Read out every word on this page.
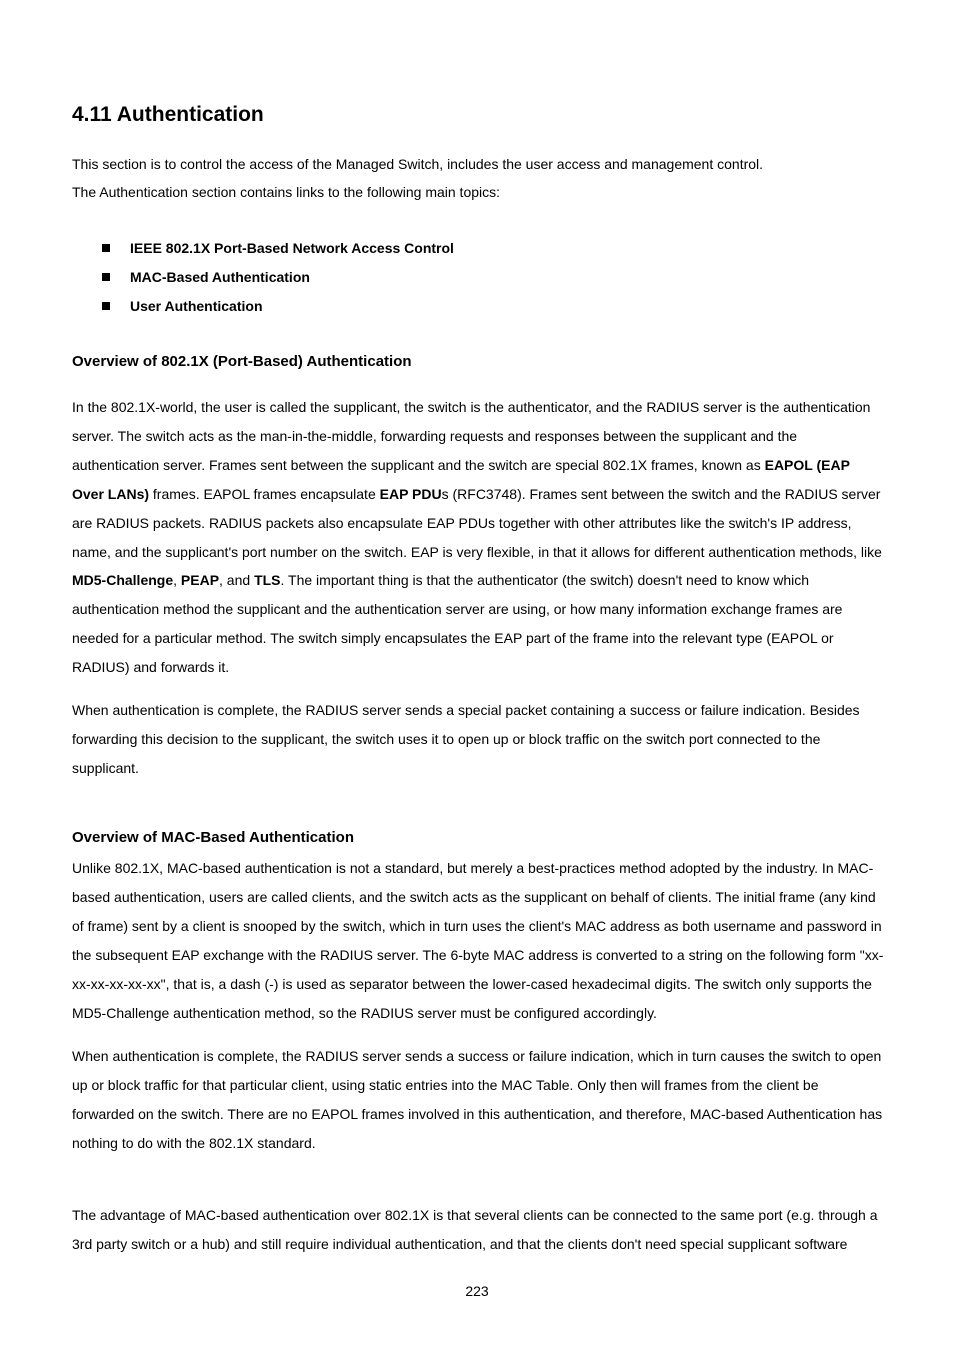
4.11 Authentication

This section is to control the access of the Managed Switch, includes the user access and management control.

The Authentication section contains links to the following main topics:

IEEE 802.1X Port-Based Network Access Control
MAC-Based Authentication
User Authentication
Overview of 802.1X (Port-Based) Authentication

In the 802.1X-world, the user is called the supplicant, the switch is the authenticator, and the RADIUS server is the authentication server. The switch acts as the man-in-the-middle, forwarding requests and responses between the supplicant and the authentication server. Frames sent between the supplicant and the switch are special 802.1X frames, known as EAPOL (EAP Over LANs) frames. EAPOL frames encapsulate EAP PDUs (RFC3748). Frames sent between the switch and the RADIUS server are RADIUS packets. RADIUS packets also encapsulate EAP PDUs together with other attributes like the switch's IP address, name, and the supplicant's port number on the switch. EAP is very flexible, in that it allows for different authentication methods, like MD5-Challenge, PEAP, and TLS. The important thing is that the authenticator (the switch) doesn't need to know which authentication method the supplicant and the authentication server are using, or how many information exchange frames are needed for a particular method. The switch simply encapsulates the EAP part of the frame into the relevant type (EAPOL or RADIUS) and forwards it.

When authentication is complete, the RADIUS server sends a special packet containing a success or failure indication. Besides forwarding this decision to the supplicant, the switch uses it to open up or block traffic on the switch port connected to the supplicant.

Overview of MAC-Based Authentication

Unlike 802.1X, MAC-based authentication is not a standard, but merely a best-practices method adopted by the industry. In MAC-based authentication, users are called clients, and the switch acts as the supplicant on behalf of clients. The initial frame (any kind of frame) sent by a client is snooped by the switch, which in turn uses the client's MAC address as both username and password in the subsequent EAP exchange with the RADIUS server. The 6-byte MAC address is converted to a string on the following form "xx-xx-xx-xx-xx-xx", that is, a dash (-) is used as separator between the lower-cased hexadecimal digits. The switch only supports the MD5-Challenge authentication method, so the RADIUS server must be configured accordingly.

When authentication is complete, the RADIUS server sends a success or failure indication, which in turn causes the switch to open up or block traffic for that particular client, using static entries into the MAC Table. Only then will frames from the client be forwarded on the switch. There are no EAPOL frames involved in this authentication, and therefore, MAC-based Authentication has nothing to do with the 802.1X standard.

The advantage of MAC-based authentication over 802.1X is that several clients can be connected to the same port (e.g. through a 3rd party switch or a hub) and still require individual authentication, and that the clients don't need special supplicant software

223
